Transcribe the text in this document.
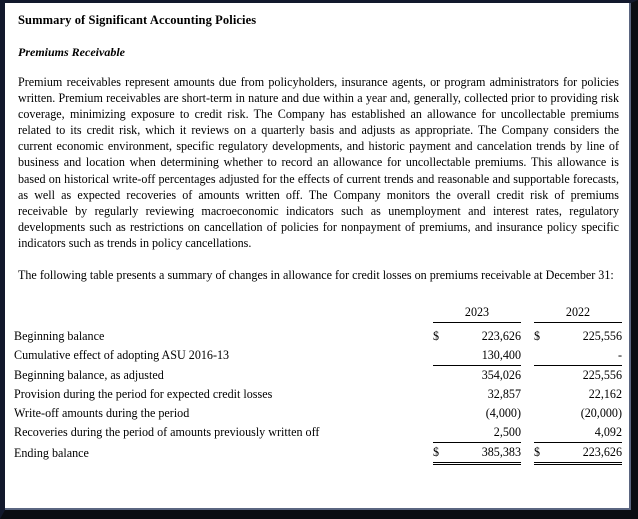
Summary of Significant Accounting Policies
Premiums Receivable
Premium receivables represent amounts due from policyholders, insurance agents, or program administrators for policies written. Premium receivables are short-term in nature and due within a year and, generally, collected prior to providing risk coverage, minimizing exposure to credit risk. The Company has established an allowance for uncollectable premiums related to its credit risk, which it reviews on a quarterly basis and adjusts as appropriate. The Company considers the current economic environment, specific regulatory developments, and historic payment and cancelation trends by line of business and location when determining whether to record an allowance for uncollectable premiums. This allowance is based on historical write-off percentages adjusted for the effects of current trends and reasonable and supportable forecasts, as well as expected recoveries of amounts written off. The Company monitors the overall credit risk of premiums receivable by regularly reviewing macroeconomic indicators such as unemployment and interest rates, regulatory developments such as restrictions on cancellation of policies for nonpayment of premiums, and insurance policy specific indicators such as trends in policy cancellations.
The following table presents a summary of changes in allowance for credit losses on premiums receivable at December 31:
	2023			2022	

Beginning balance	$	223,626		$	225,556
Cumulative effect of adopting ASU 2016-13		130,400			-
Beginning balance, as adjusted		354,026			225,556
Provision during the period for expected credit losses		32,857			22,162
Write-off amounts during the period		(4,000)			(20,000)
Recoveries during the period of amounts previously written off		2,500			4,092
Ending balance	$	385,383		$	223,626
